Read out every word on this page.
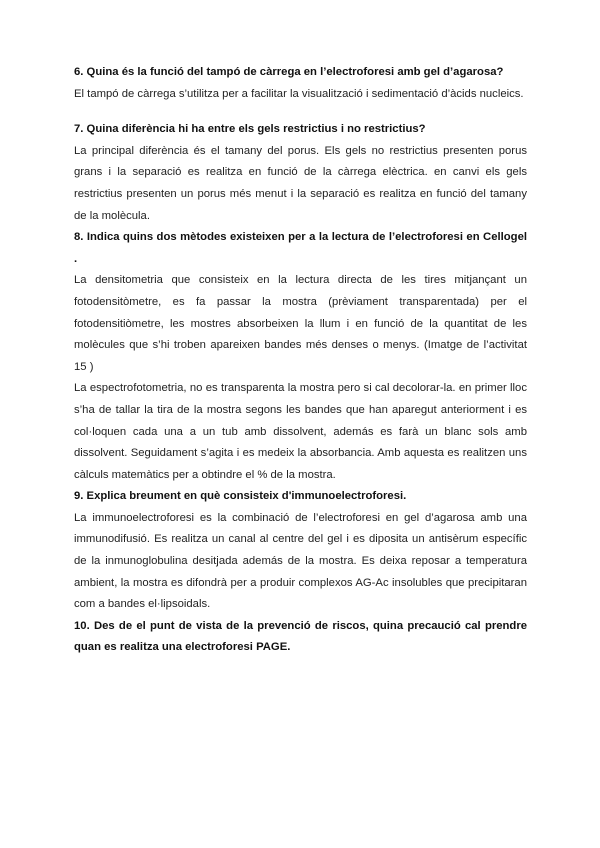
6. Quina és la funció del tampó de càrrega en l’electroforesi amb gel d’agarosa?
El tampó de càrrega s’utilitza per a facilitar la visualització i sedimentació d’àcids nucleics.
7. Quina diferència hi ha entre els gels restrictius i no restrictius?
La principal diferència és el tamany del porus. Els gels no restrictius presenten porus grans i la separació es realitza en funció de la càrrega elèctrica. en canvi els gels restrictius presenten un porus més menut i la separació es realitza en funció del tamany de la molècula.
8. Indica quins dos mètodes existeixen per a la lectura de l’electroforesi en Cellogel .
La densitometria que consisteix en la lectura directa de les tires mitjançant un fotodensitòmetre, es fa passar la mostra (prèviament transparentada) per el fotodensitiòmetre, les mostres absorbeixen la llum i en funció de la quantitat de les molècules que s’hi troben apareixen bandes més denses o menys. (Imatge de l’activitat 15 )
La espectrofotometria, no es transparenta la mostra pero si cal decolorar-la. en primer lloc s’ha de tallar la tira de la mostra segons les bandes que han aparegut anteriorment i es col·loquen cada una a un tub amb dissolvent, además es farà un blanc sols amb dissolvent. Seguidament s’agita i es medeix la absorbancia. Amb aquesta es realitzen uns càlculs matemàtics per a obtindre el % de la mostra.
9. Explica breument en què consisteix d'immunoelectroforesi.
La immunoelectroforesi es la combinació de l’electroforesi en gel d’agarosa amb una immunodifusió. Es realitza un canal al centre del gel i es diposita un antisèrum específic de la inmunoglobulina desitjada además de la mostra. Es deixa reposar a temperatura ambient, la mostra es difondrà per a produir complexos AG-Ac insolubles que precipitaran com a bandes el·lipsoidals.
10. Des de el punt de vista de la prevenció de riscos, quina precaució cal prendre quan es realitza una electroforesi PAGE.
